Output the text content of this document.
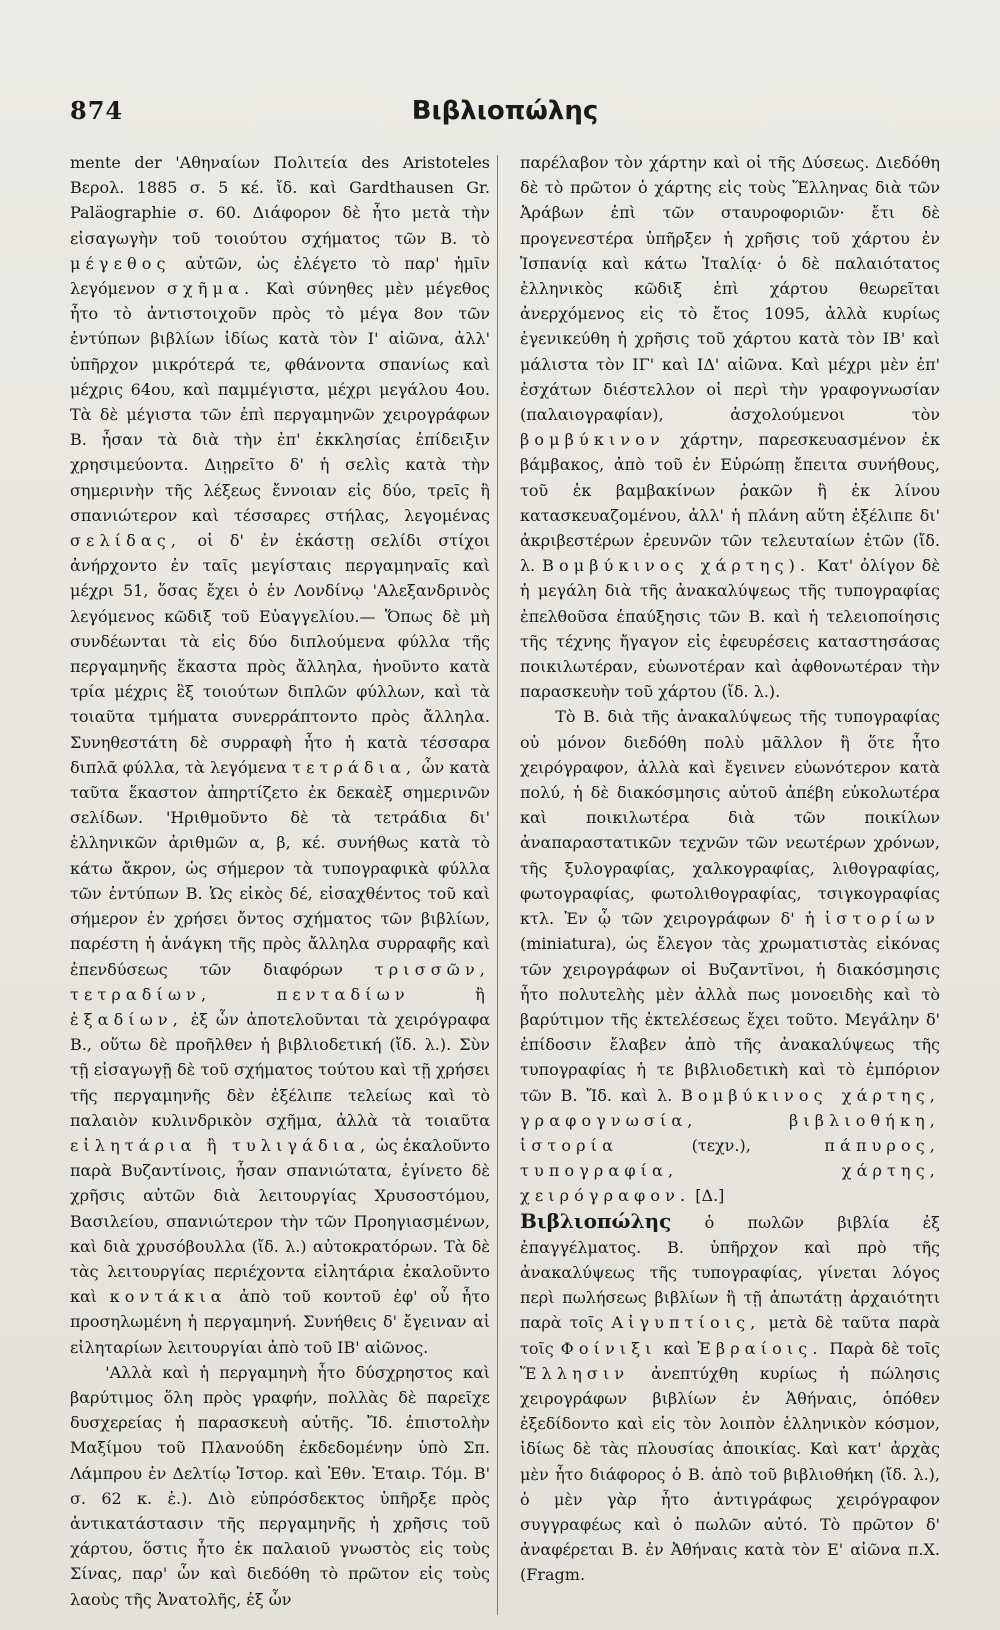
874	Βιβλιοπώλης

mente der 'Αθηναίων Πολιτεία des Aristoteles Βερολ. 1885 σ. 5 κέ. ἴδ. καὶ Gardthausen Gr. Paläographie σ. 60. Διάφορον δὲ ἦτο μετὰ τὴν εἰσαγωγὴν τοῦ τοιούτου σχήματος τῶν Β. τὸ μέγεθος αὐτῶν, ὡς ἐλέγετο τὸ παρ' ἡμῖν λεγόμενον σχῆμα. Καὶ σύνηθες μὲν μέγεθος ἦτο τὸ ἀντιστοιχοῦν πρὸς τὸ μέγα 8ον τῶν ἐντύπων βιβλίων ἰδίως κατὰ τὸν Ι' αἰῶνα, ἀλλ' ὑπῆρχον μικρότερά τε, φθάνοντα σπανίως καὶ μέχρις 64ου, καὶ παμμέγιστα, μέχρι μεγάλου 4ου. Τὰ δὲ μέγιστα τῶν ἐπὶ περγαμηνῶν χειρογράφων Β. ἦσαν τὰ διὰ τὴν ἐπ' ἐκκλησίας ἐπίδειξιν χρησιμεύοντα. Διῃρεῖτο δ' ἡ σελὶς κατὰ τὴν σημερινὴν τῆς λέξεως ἔννοιαν εἰς δύο, τρεῖς ἢ σπανιώτερον καὶ τέσσαρες στήλας, λεγομένας σελίδας, οἱ δ' ἐν ἑκάστῃ σελίδι στίχοι ἀνήρχοντο ἐν ταῖς μεγίσταις περγαμηναῖς καὶ μέχρι 51, ὅσας ἔχει ὁ ἐν Λονδίνῳ 'Αλεξανδρινὸς λεγόμενος κῶδιξ τοῦ Εὐαγγελίου.— Ὅπως δὲ μὴ συνδέωνται τὰ εἰς δύο διπλούμενα φύλλα τῆς περγαμηνῆς ἕκαστα πρὸς ἄλληλα, ἡνοῦντο κατὰ τρία μέχρις ἓξ τοιούτων διπλῶν φύλλων, καὶ τὰ τοιαῦτα τμήματα συνερράπτοντο πρὸς ἄλληλα. Συνηθεστάτη δὲ συρραφὴ ἦτο ἡ κατὰ τέσσαρα διπλᾶ φύλλα, τὰ λεγόμενα τετράδια, ὧν κατὰ ταῦτα ἕκαστον ἀπηρτίζετο ἐκ δεκαὲξ σημερινῶν σελίδων. 'Ηριθμοῦντο δὲ τὰ τετράδια δι' ἑλληνικῶν ἀριθμῶν α, β, κέ. συνήθως κατὰ τὸ κάτω ἄκρον, ὡς σήμερον τὰ τυπογραφικὰ φύλλα τῶν ἐντύπων Β. Ὡς εἰκὸς δέ, εἰσαχθέντος τοῦ καὶ σήμερον ἐν χρήσει ὄντος σχήματος τῶν βιβλίων, παρέστη ἡ ἀνάγκη τῆς πρὸς ἄλληλα συρραφῆς καὶ ἐπενδύσεως τῶν διαφόρων τρισσῶν, τετραδίων, πενταδίων ἢ ἑξαδίων, ἐξ ὧν ἀποτελοῦνται τὰ χειρόγραφα Β., οὕτω δὲ προῆλθεν ἡ βιβλιοδετική (ἴδ. λ.). Σὺν τῇ εἰσαγωγῇ δὲ τοῦ σχήματος τούτου καὶ τῇ χρήσει τῆς περγαμηνῆς δὲν ἐξέλιπε τελείως καὶ τὸ παλαιὸν κυλινδρικὸν σχῆμα, ἀλλὰ τὰ τοιαῦτα εἰλητάρια ἢ τυλιγάδια, ὡς ἐκαλοῦντο παρὰ Βυζαντίνοις, ἦσαν σπανιώτατα, ἐγίνετο δὲ χρῆσις αὐτῶν διὰ λειτουργίας Χρυσοστόμου, Βασιλείου, σπανιώτερον τὴν τῶν Προηγιασμένων, καὶ διὰ χρυσόβουλλα (ἴδ. λ.) αὐτοκρατόρων. Τὰ δὲ τὰς λειτουργίας περιέχοντα εἰλητάρια ἐκαλοῦντο καὶ κοντάκια ἀπὸ τοῦ κοντοῦ ἐφ' οὗ ἦτο προσηλωμένη ἡ περγαμηνή. Συνήθεις δ' ἔγειναν αἱ εἰληταρίων λειτουργίαι ἀπὸ τοῦ ΙΒ' αἰῶνος.

'Αλλὰ καὶ ἡ περγαμηνὴ ἦτο δύσχρηστος καὶ βαρύτιμος ὅλη πρὸς γραφήν, πολλὰς δὲ παρεῖχε δυσχερείας ἡ παρασκευὴ αὐτῆς. Ἴδ. ἐπιστολὴν Μαξίμου τοῦ Πλανούδη ἐκδεδομένην ὑπὸ Σπ. Λάμπρου ἐν Δελτίῳ Ἱστορ. καὶ Ἐθν. Ἑταιρ. Τόμ. Β' σ. 62 κ. ἑ.). Διὸ εὐπρόσδεκτος ὑπῆρξε πρὸς ἀντικατάστασιν τῆς περγαμηνῆς ἡ χρῆσις τοῦ χάρτου, ὅστις ἦτο ἐκ παλαιοῦ γνωστὸς εἰς τοὺς Σίνας, παρ' ὧν καὶ διεδόθη τὸ πρῶτον εἰς τοὺς λαοὺς τῆς Ἀνατολῆς, ἐξ ὧν

παρέλαβον τὸν χάρτην καὶ οἱ τῆς Δύσεως. Διεδόθη δὲ τὸ πρῶτον ὁ χάρτης εἰς τοὺς Ἕλληνας διὰ τῶν Ἀράβων ἐπὶ τῶν σταυροφοριῶν· ἔτι δὲ προγενεστέρα ὑπῆρξεν ἡ χρῆσις τοῦ χάρτου ἐν Ἱσπανίᾳ καὶ κάτω Ἰταλίᾳ· ὁ δὲ παλαιότατος ἑλληνικὸς κῶδιξ ἐπὶ χάρτου θεωρεῖται ἀνερχόμενος εἰς τὸ ἔτος 1095, ἀλλὰ κυρίως ἐγενικεύθη ἡ χρῆσις τοῦ χάρτου κατὰ τὸν ΙΒ' καὶ μάλιστα τὸν ΙΓ' καὶ ΙΔ' αἰῶνα. Καὶ μέχρι μὲν ἐπ' ἐσχάτων διέστελλον οἱ περὶ τὴν γραφογνωσίαν (παλαιογραφίαν), ἀσχολούμενοι τὸν βομβύκινον χάρτην, παρεσκευασμένον ἐκ βάμβακος, ἀπὸ τοῦ ἐν Εὐρώπῃ ἔπειτα συνήθους, τοῦ ἐκ βαμβακίνων ῥακῶν ἢ ἐκ λίνου κατασκευαζομένου, ἀλλ' ἡ πλάνη αὕτη ἐξέλιπε δι' ἀκριβεστέρων ἐρευνῶν τῶν τελευταίων ἐτῶν (ἴδ. λ. Βομβύκινος χάρτης). Κατ' ὀλίγον δὲ ἡ μεγάλη διὰ τῆς ἀνακαλύψεως τῆς τυπογραφίας ἐπελθοῦσα ἐπαύξησις τῶν Β. καὶ ἡ τελειοποίησις τῆς τέχνης ἤγαγον εἰς ἐφευρέσεις καταστησάσας ποικιλωτέραν, εὐωνοτέραν καὶ ἀφθονωτέραν τὴν παρασκευὴν τοῦ χάρτου (ἴδ. λ.).

Τὸ Β. διὰ τῆς ἀνακαλύψεως τῆς τυπογραφίας οὐ μόνον διεδόθη πολὺ μᾶλλον ἢ ὅτε ἦτο χειρόγραφον, ἀλλὰ καὶ ἔγεινεν εὐωνότερον κατὰ πολύ, ἡ δὲ διακόσμησις αὐτοῦ ἀπέβη εὐκολωτέρα καὶ ποικιλωτέρα διὰ τῶν ποικίλων ἀναπαραστατικῶν τεχνῶν τῶν νεωτέρων χρόνων, τῆς ξυλογραφίας, χαλκογραφίας, λιθογραφίας, φωτογραφίας, φωτολιθογραφίας, τσιγκογραφίας κτλ. Ἐν ᾧ τῶν χειρογράφων δ' ἡ ἱστορίων (miniatura), ὡς ἔλεγον τὰς χρωματιστὰς εἰκόνας τῶν χειρογράφων οἱ Βυζαντῖνοι, ἡ διακόσμησις ἦτο πολυτελὴς μὲν ἀλλὰ πως μονοειδὴς καὶ τὸ βαρύτιμον τῆς ἐκτελέσεως ἔχει τοῦτο. Μεγάλην δ' ἐπίδοσιν ἔλαβεν ἀπὸ τῆς ἀνακαλύψεως τῆς τυπογραφίας ἡ τε βιβλιοδετικὴ καὶ τὸ ἐμπόριον τῶν Β. Ἴδ. καὶ λ. Βομβύκινος χάρτης, γραφογνωσία, βιβλιοθήκη, ἱστορία	(τεχν.),	πάπυρος, τυπογραφία, χάρτης, χειρόγραφον. [Δ.]

Βιβλιοπώλης ὁ πωλῶν βιβλία ἐξ ἐπαγγέλματος. Β. ὑπῆρχον καὶ πρὸ τῆς ἀνακαλύψεως τῆς τυπογραφίας, γίνεται λόγος περὶ πωλήσεως βιβλίων ἢ τῇ ἀπωτάτῃ ἀρχαιότητι παρὰ τοῖς Αἰγυπτίοις, μετὰ δὲ ταῦτα παρὰ τοῖς Φοίνιξι καὶ Ἑβραίοις. Παρὰ δὲ τοῖς Ἕλλησιν ἀνεπτύχθη κυρίως ἡ πώλησις χειρογράφων βιβλίων ἐν Ἀθήναις, ὁπόθεν ἐξεδίδοντο καὶ εἰς τὸν λοιπὸν ἑλληνικὸν κόσμον, ἰδίως δὲ τὰς πλουσίας ἀποικίας. Καὶ κατ' ἀρχὰς μὲν ἦτο διάφορος ὁ Β. ἀπὸ τοῦ βιβλιοθήκη (ἴδ. λ.), ὁ μὲν γὰρ ἦτο ἀντιγράφως χειρόγραφον συγγραφέως καὶ ὁ πωλῶν αὐτό. Τὸ πρῶτον δ' ἀναφέρεται Β. ἐν Ἀθήναις κατὰ τὸν Ε' αἰῶνα π.Χ. (Fragm.
